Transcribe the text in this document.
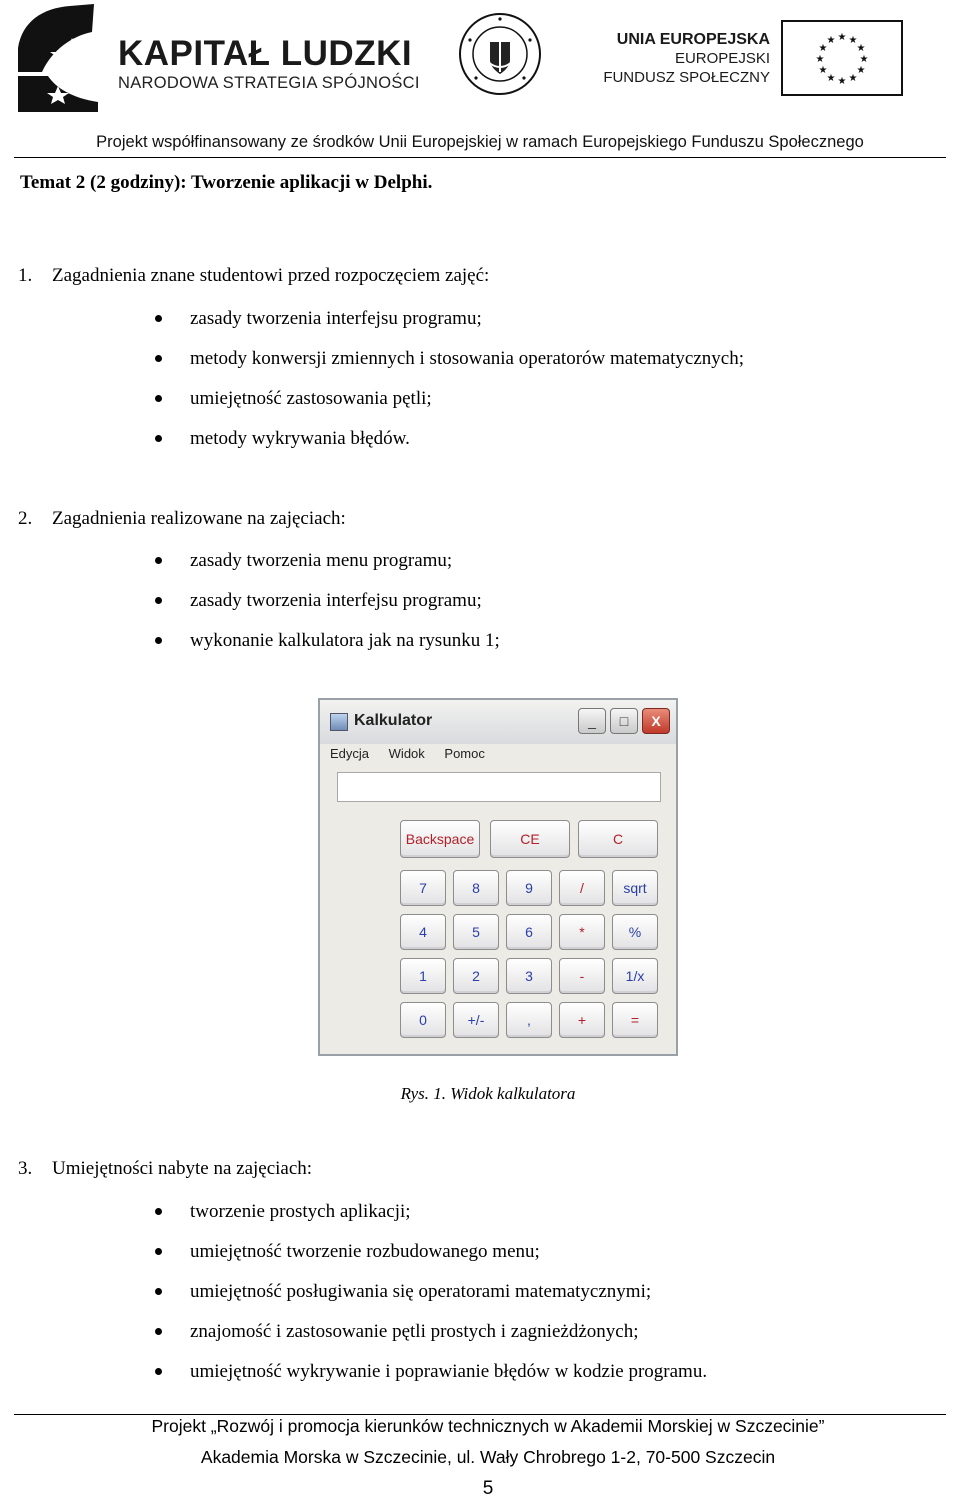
KAPITAŁ LUDZKI
NARODOWA STRATEGIA SPÓJNOŚCI
UNIA EUROPEJSKA
EUROPEJSKI
FUNDUSZ SPOŁECZNY
★ ★
★
★
★
★
★
★
★
★
★
★
Projekt współfinansowany ze środków Unii Europejskiej w ramach Europejskiego Funduszu Społecznego
Temat 2 (2 godziny): Tworzenie aplikacji w Delphi.
1. Zagadnienia znane studentowi przed rozpoczęciem zajęć:
zasady tworzenia interfejsu programu;
metody konwersji zmiennych i stosowania operatorów matematycznych;
umiejętność zastosowania pętli;
metody wykrywania błędów.
2. Zagadnienia realizowane na zajęciach:
zasady tworzenia menu programu;
zasady tworzenia interfejsu programu;
wykonanie kalkulatora jak na rysunku 1;
Kalkulator	_	□	X
Edycja Widok Pomoc
Backspace	CE	C
7	8	9	/	sqrt
4	5	6	*	%
1	2	3	-	1/x
0	+/-	,	+	=
Rys. 1. Widok kalkulatora
3. Umiejętności nabyte na zajęciach:
tworzenie prostych aplikacji;
umiejętność tworzenie rozbudowanego menu;
umiejętność posługiwania się operatorami matematycznymi;
znajomość i zastosowanie pętli prostych i zagnieżdżonych;
umiejętność wykrywanie i poprawianie błędów w kodzie programu.
Projekt „Rozwój i promocja kierunków technicznych w Akademii Morskiej w Szczecinie”
Akademia Morska w Szczecinie, ul. Wały Chrobrego 1-2, 70-500 Szczecin
5
